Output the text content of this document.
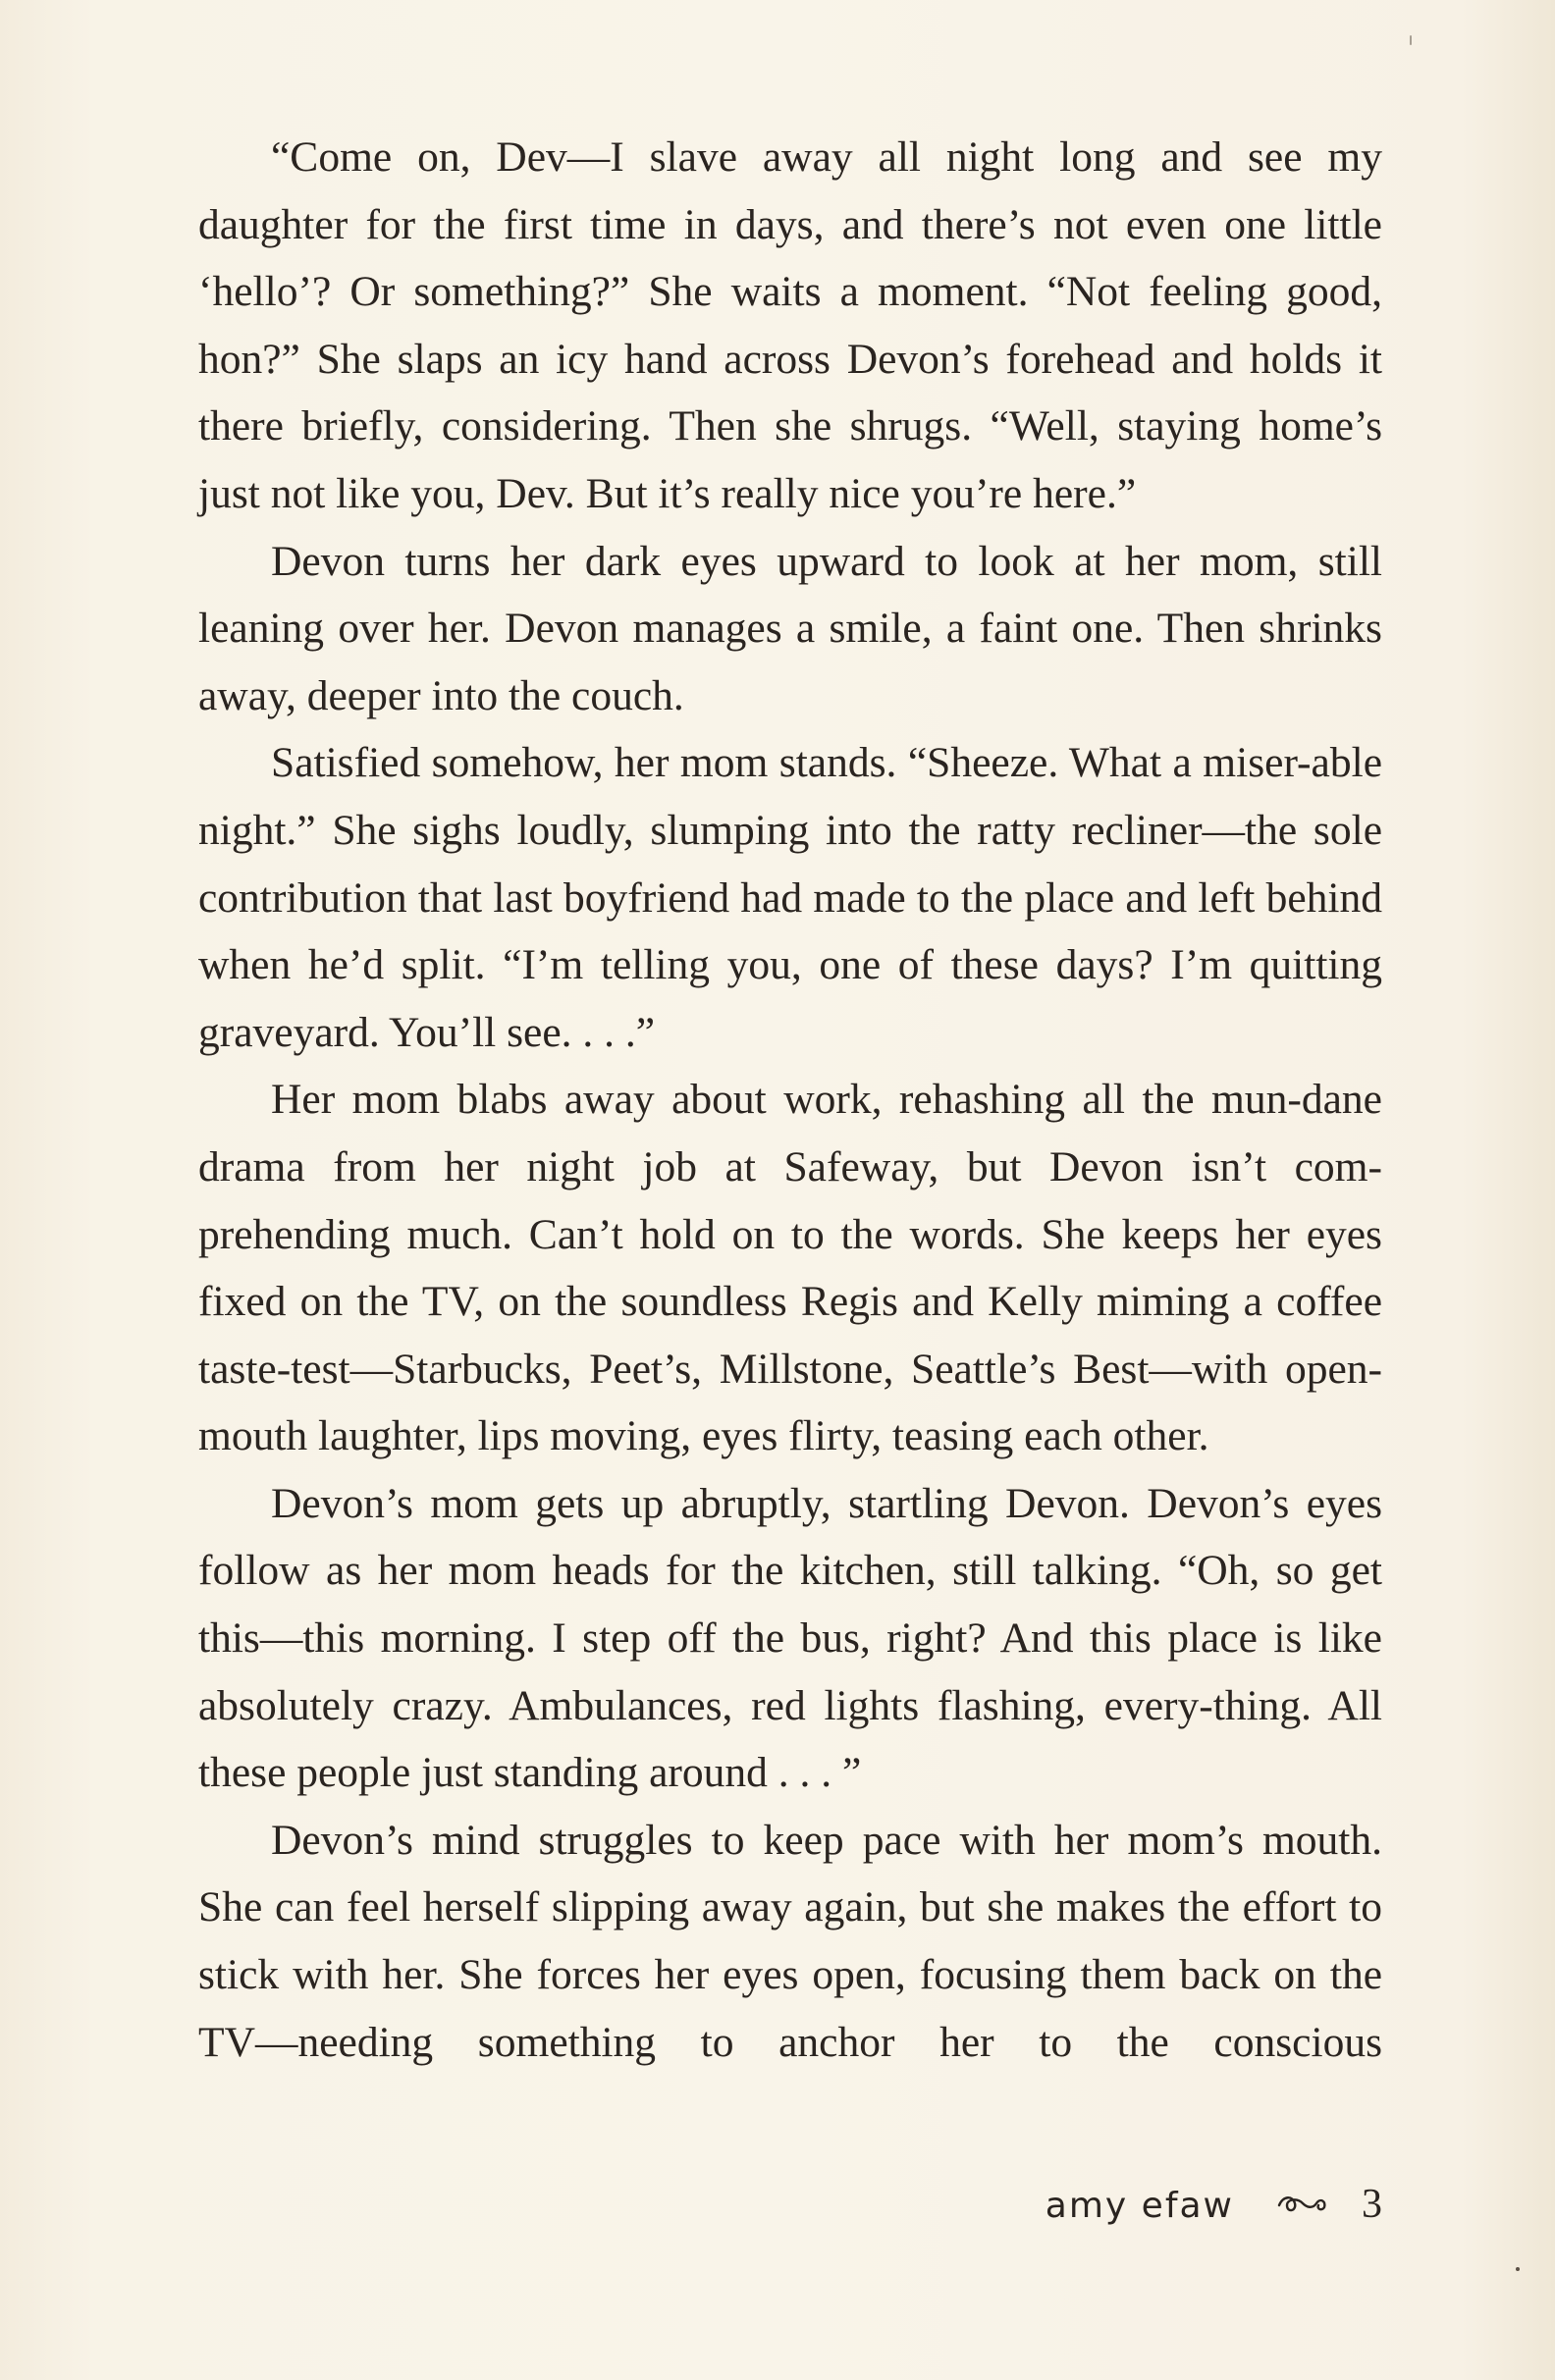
“Come on, Dev—I slave away all night long and see my daughter for the first time in days, and there’s not even one little ‘hello’? Or something?” She waits a moment. “Not feeling good, hon?” She slaps an icy hand across Devon’s forehead and holds it there briefly, considering. Then she shrugs. “Well, staying home’s just not like you, Dev. But it’s really nice you’re here.”

Devon turns her dark eyes upward to look at her mom, still leaning over her. Devon manages a smile, a faint one. Then shrinks away, deeper into the couch.

Satisfied somehow, her mom stands. “Sheeze. What a miser-able night.” She sighs loudly, slumping into the ratty recliner—the sole contribution that last boyfriend had made to the place and left behind when he’d split. “I’m telling you, one of these days? I’m quitting graveyard. You’ll see. . . .”

Her mom blabs away about work, rehashing all the mun-dane drama from her night job at Safeway, but Devon isn’t com-prehending much. Can’t hold on to the words. She keeps her eyes fixed on the TV, on the soundless Regis and Kelly miming a coffee taste-test—Starbucks, Peet’s, Millstone, Seattle’s Best—with open-mouth laughter, lips moving, eyes flirty, teasing each other.

Devon’s mom gets up abruptly, startling Devon. Devon’s eyes follow as her mom heads for the kitchen, still talking. “Oh, so get this—this morning. I step off the bus, right? And this place is like absolutely crazy. Ambulances, red lights flashing, every-thing. All these people just standing around . . . ”

Devon’s mind struggles to keep pace with her mom’s mouth. She can feel herself slipping away again, but she makes the effort to stick with her. She forces her eyes open, focusing them back on the TV—needing something to anchor her to the conscious

amy efaw	3
